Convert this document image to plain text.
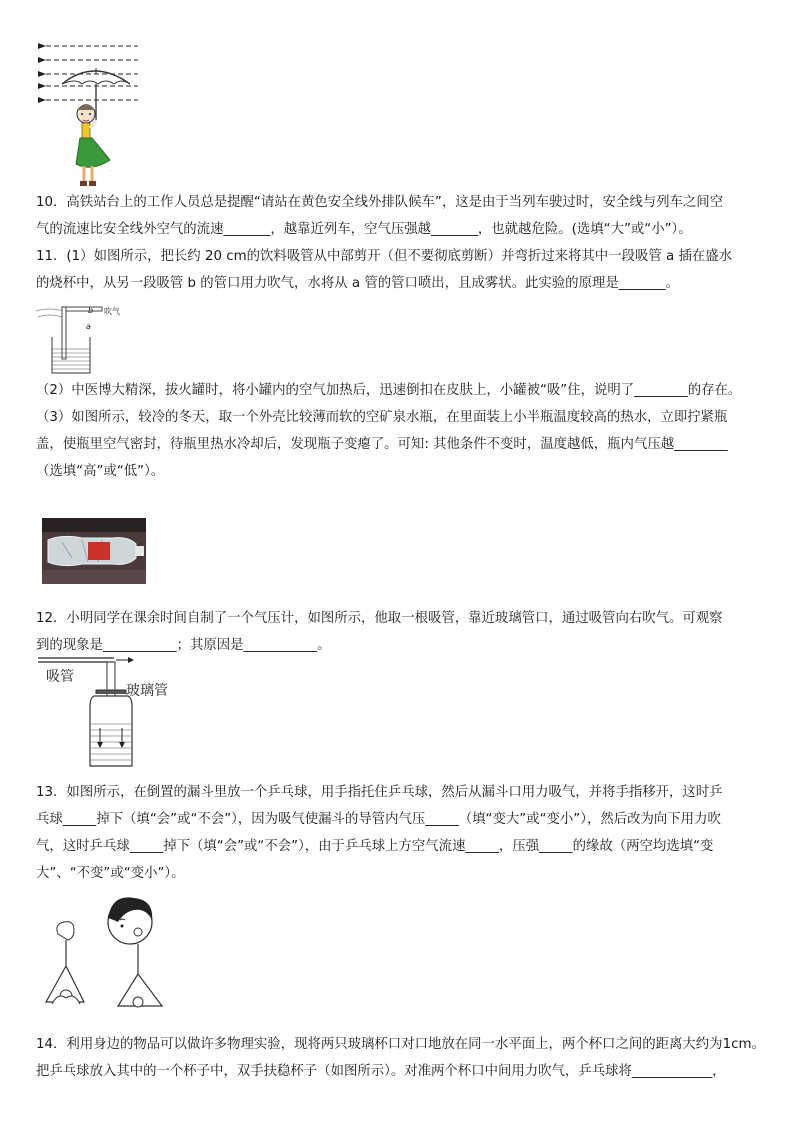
10．高铁站台上的工作人员总是提醒“请站在黄色安全线外排队候车”，这是由于当列车驶过时，安全线与列车之间空

气的流速比安全线外空气的流速_______，越靠近列车，空气压强越_______，也就越危险。(选填“大”或“小”）。

11．(1）如图所示，把长约 20 cm的饮料吸管从中部剪开（但不要彻底剪断）并弯折过来将其中一段吸管 a 插在盛水

的烧杯中，从另一段吸管 b 的管口用力吹气，水将从 a 管的管口喷出，且成雾状。此实验的原理是_______。

b 吹气
a

（2）中医博大精深，拔火罐时，将小罐内的空气加热后，迅速倒扣在皮肤上，小罐被“吸”住，说明了________的存在。

（3）如图所示，较冷的冬天，取一个外壳比较薄而软的空矿泉水瓶，在里面装上小半瓶温度较高的热水，立即拧紧瓶

盖，使瓶里空气密封，待瓶里热水冷却后，发现瓶子变瘪了。可知: 其他条件不变时，温度越低，瓶内气压越________

（选填“高”或“低”）。

12．小明同学在课余时间自制了一个气压计，如图所示，他取一根吸管，靠近玻璃管口，通过吸管向右吹气。可观察

到的现象是___________；其原因是___________。

吸管
玻璃管

13．如图所示，在倒置的漏斗里放一个乒乓球，用手指托住乒乓球，然后从漏斗口用力吸气，并将手指移开，这时乒

乓球_____掉下（填“会”或“不会”），因为吸气使漏斗的导管内气压_____（填“变大”或“变小”），然后改为向下用力吹

气，这时乒乓球_____掉下（填“会”或“不会”），由于乒乓球上方空气流速_____，压强_____的缘故（两空均选填“变

大”、“不变”或“变小”）。

14．利用身边的物品可以做许多物理实验，现将两只玻璃杯口对口地放在同一水平面上，两个杯口之间的距离大约为1cm。

把乒乓球放入其中的一个杯子中，双手扶稳杯子（如图所示）。对准两个杯口中间用力吹气，乒乓球将____________，
